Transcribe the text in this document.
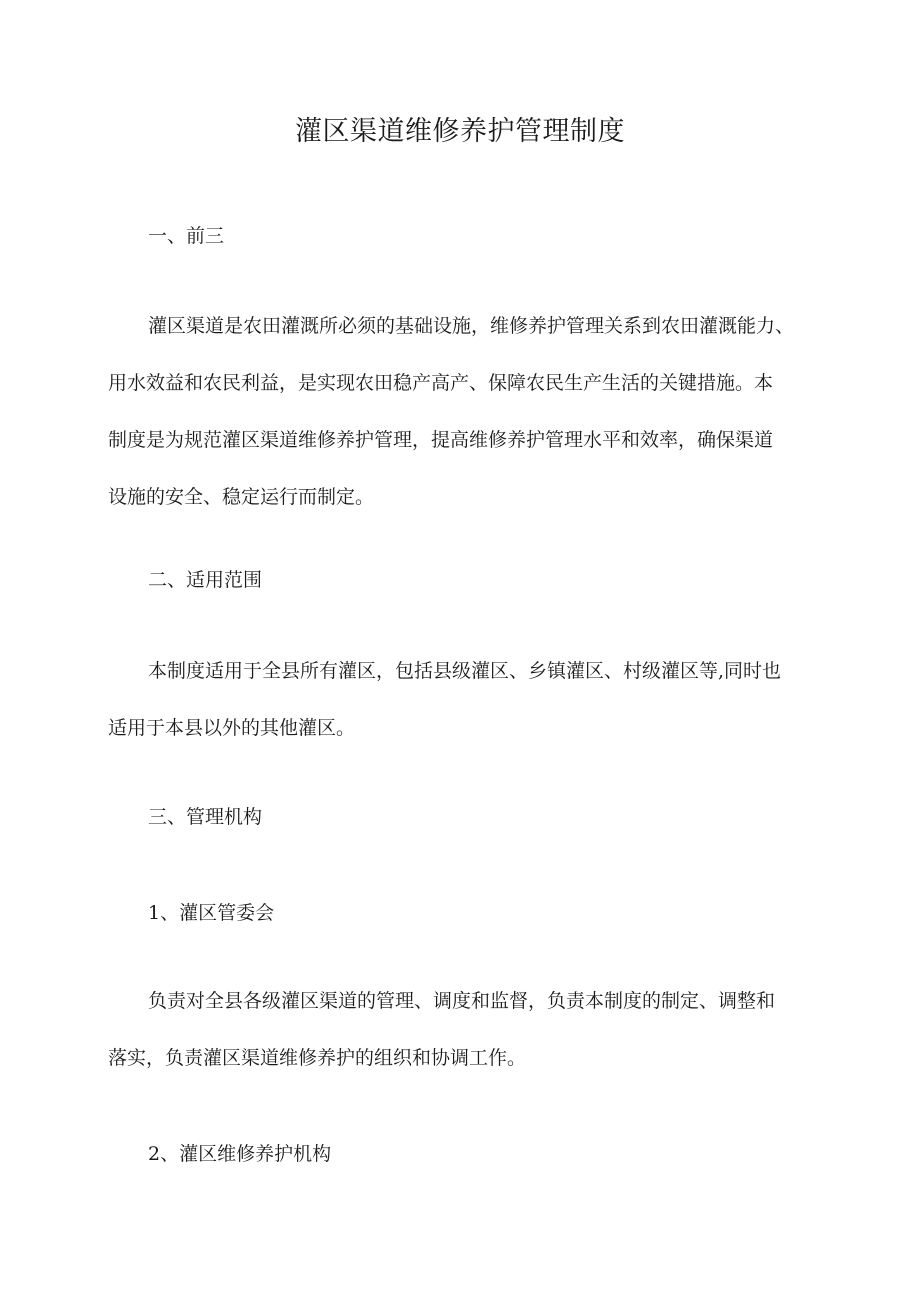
灌区渠道维修养护管理制度
一、前三
灌区渠道是农田灌溉所必须的基础设施，维修养护管理关系到农田灌溉能力、
用水效益和农民利益，是实现农田稳产高产、保障农民生产生活的关键措施。本
制度是为规范灌区渠道维修养护管理，提高维修养护管理水平和效率，确保渠道
设施的安全、稳定运行而制定。
二、适用范围
本制度适用于全县所有灌区，包括县级灌区、乡镇灌区、村级灌区等,同时也
适用于本县以外的其他灌区。
三、管理机构
1、灌区管委会
负责对全县各级灌区渠道的管理、调度和监督，负责本制度的制定、调整和
落实，负责灌区渠道维修养护的组织和协调工作。
2、灌区维修养护机构
